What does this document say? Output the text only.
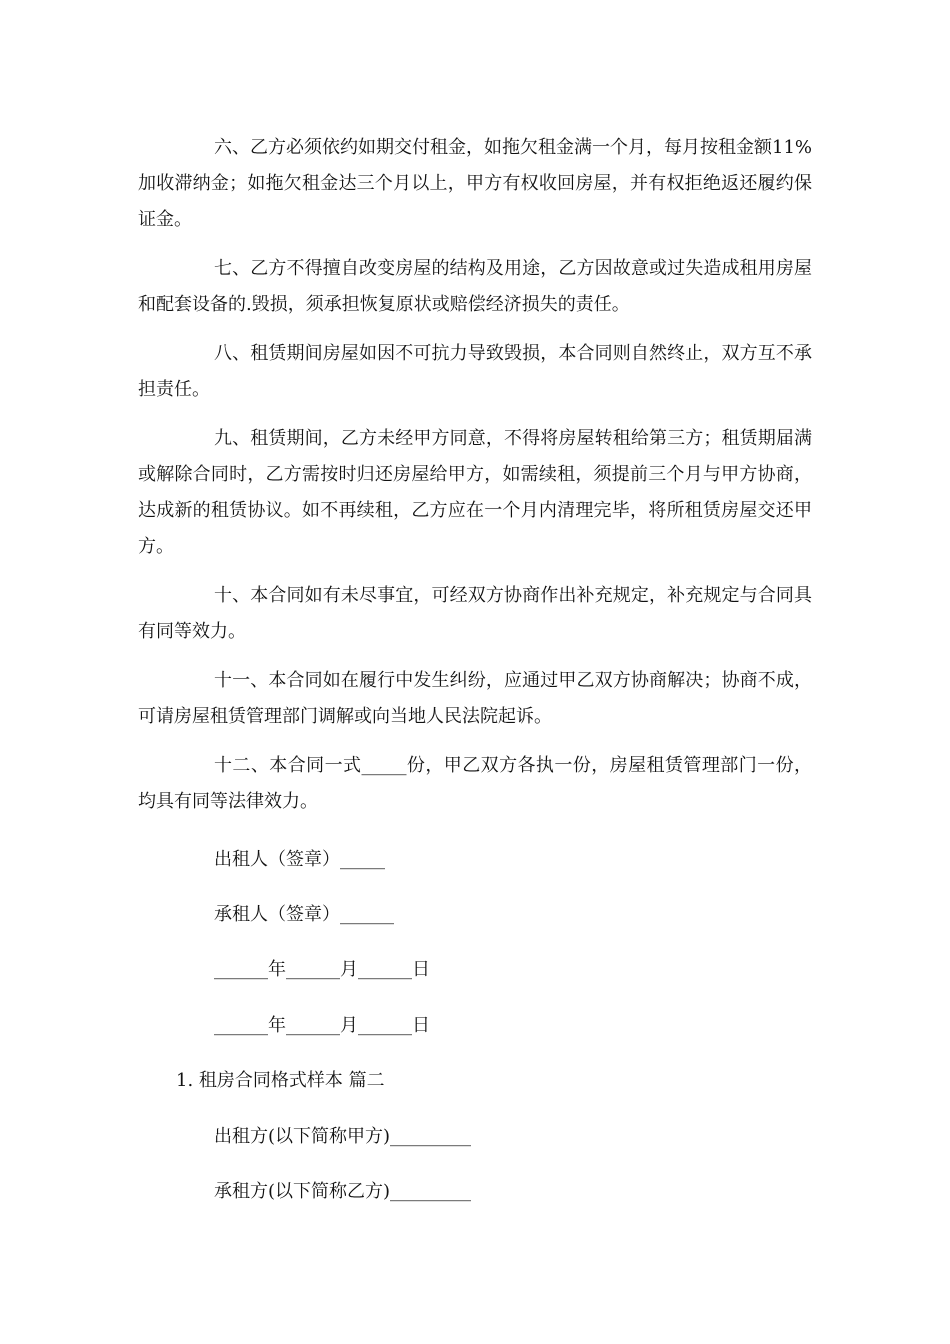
六、乙方必须依约如期交付租金，如拖欠租金满一个月，每月按租金额11%加收滞纳金；如拖欠租金达三个月以上，甲方有权收回房屋，并有权拒绝返还履约保证金。

七、乙方不得擅自改变房屋的结构及用途，乙方因故意或过失造成租用房屋和配套设备的.毁损，须承担恢复原状或赔偿经济损失的责任。

八、租赁期间房屋如因不可抗力导致毁损，本合同则自然终止，双方互不承担责任。

九、租赁期间，乙方未经甲方同意，不得将房屋转租给第三方；租赁期届满或解除合同时，乙方需按时归还房屋给甲方，如需续租，须提前三个月与甲方协商，达成新的租赁协议。如不再续租，乙方应在一个月内清理完毕，将所租赁房屋交还甲方。

十、本合同如有未尽事宜，可经双方协商作出补充规定，补充规定与合同具有同等效力。

十一、本合同如在履行中发生纠纷，应通过甲乙双方协商解决；协商不成，可请房屋租赁管理部门调解或向当地人民法院起诉。

十二、本合同一式_____份，甲乙双方各执一份，房屋租赁管理部门一份，均具有同等法律效力。

出租人（签章）_____

承租人（签章）______

______年______月______日

______年______月______日

1. 租房合同格式样本 篇二

出租方(以下简称甲方)_________

承租方(以下简称乙方)_________
